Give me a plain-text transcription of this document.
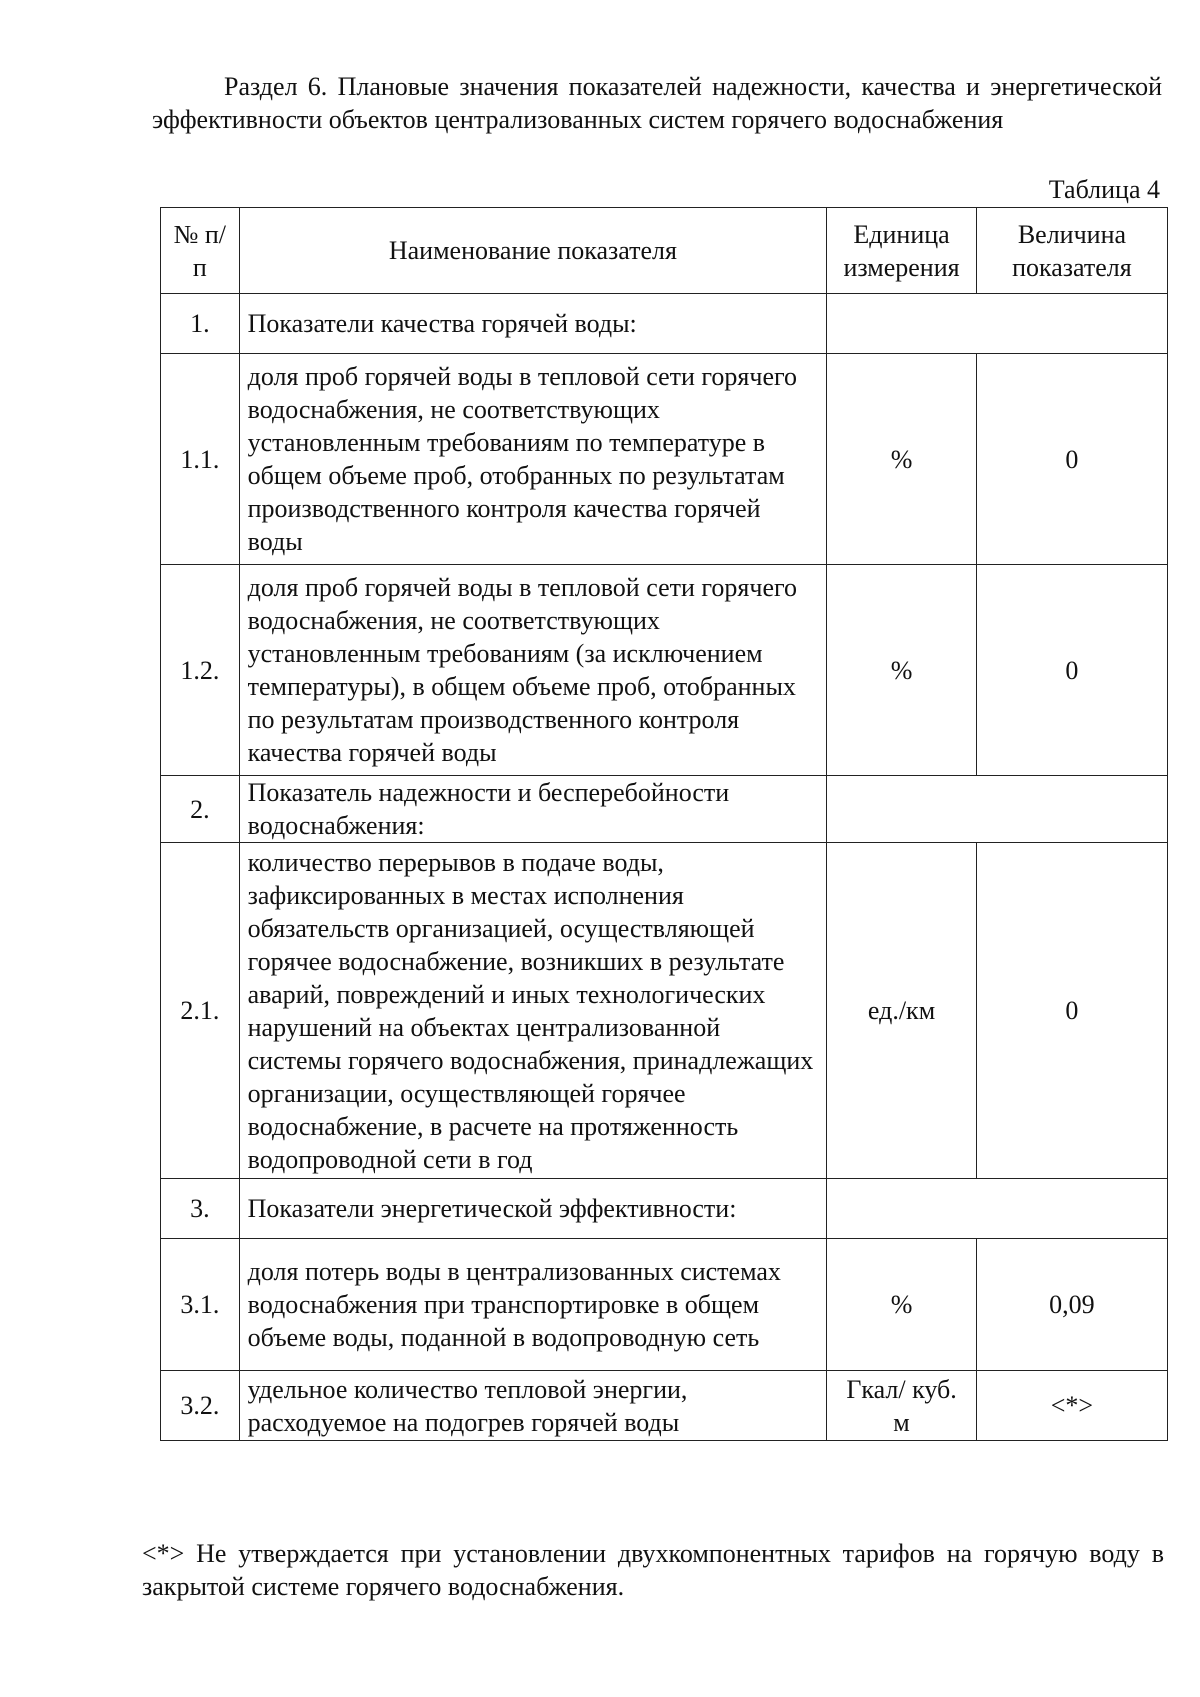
Раздел 6. Плановые значения показателей надежности, качества и энергетической эффективности объектов централизованных систем горячего водоснабжения
Таблица 4
№ п/п	Наименование показателя	Единица измерения	Величина показателя
1.	Показатели качества горячей воды:		
1.1.	доля проб горячей воды в тепловой сети горячего водоснабжения, не соответствующих установленным требованиям по температуре в общем объеме проб, отобранных по результатам производственного контроля качества горячей воды	%	0
1.2.	доля проб горячей воды в тепловой сети горячего водоснабжения, не соответствующих установленным требованиям (за исключением температуры), в общем объеме проб, отобранных по результатам производственного контроля качества горячей воды	%	0
2.	Показатель надежности и бесперебойности водоснабжения:		
2.1.	количество перерывов в подаче воды, зафиксированных в местах исполнения обязательств организацией, осуществляющей горячее водоснабжение, возникших в результате аварий, повреждений и иных технологических нарушений на объектах централизованной системы горячего водоснабжения, принадлежащих организации, осуществляющей горячее водоснабжение, в расчете на протяженность водопроводной сети в год	ед./км	0
3.	Показатели энергетической эффективности:		
3.1.	доля потерь воды в централизованных системах водоснабжения при транспортировке в общем объеме воды, поданной в водопроводную сеть	%	0,09
3.2.	удельное количество тепловой энергии, расходуемое на подогрев горячей воды	Гкал/ куб. м	<*>
<*> Не утверждается при установлении двухкомпонентных тарифов на горячую воду в закрытой системе горячего водоснабжения.
